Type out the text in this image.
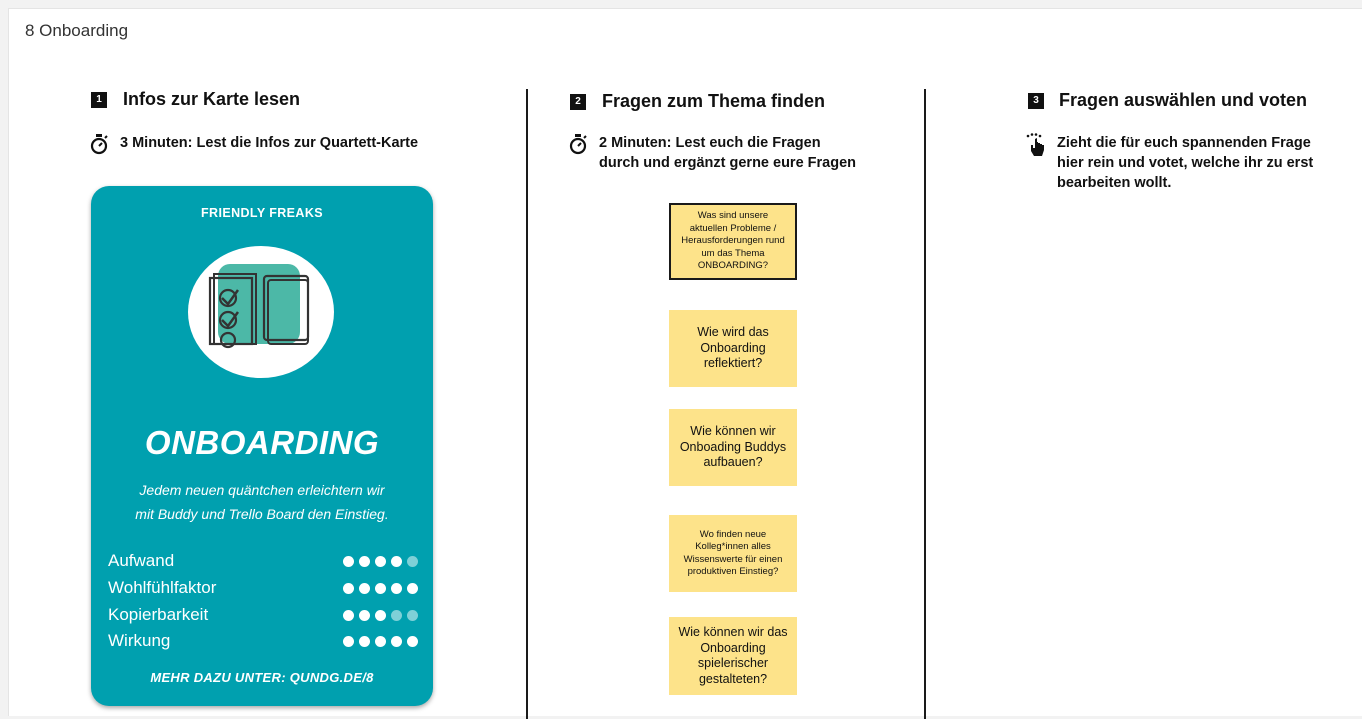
8 Onboarding
1 Infos zur Karte lesen
3 Minuten: Lest die Infos zur Quartett-Karte
2 Fragen zum Thema finden
2 Minuten: Lest euch die Fragen
durch und ergänzt gerne eure Fragen
3 Fragen auswählen und voten
Zieht die für euch spannenden Frage
hier rein und votet, welche ihr zu erst
bearbeiten wollt.
FRIENDLY FREAKS
ONBOARDING
Jedem neuen quäntchen erleichtern wir
mit Buddy und Trello Board den Einstieg.
Aufwand
Wohlfühlfaktor
Kopierbarkeit
Wirkung
MEHR DAZU UNTER: QUNDG.DE/8
Was sind unsere
aktuellen Probleme /
Herausforderungen rund
um das Thema
ONBOARDING?
Wie wird das
Onboarding
reflektiert?
Wie können wir
Onboading Buddys
aufbauen?
Wo finden neue
Kolleg*innen alles
Wissenswerte für einen
produktiven Einstieg?
Wie können wir das
Onboarding
spielerischer
gestalteten?
